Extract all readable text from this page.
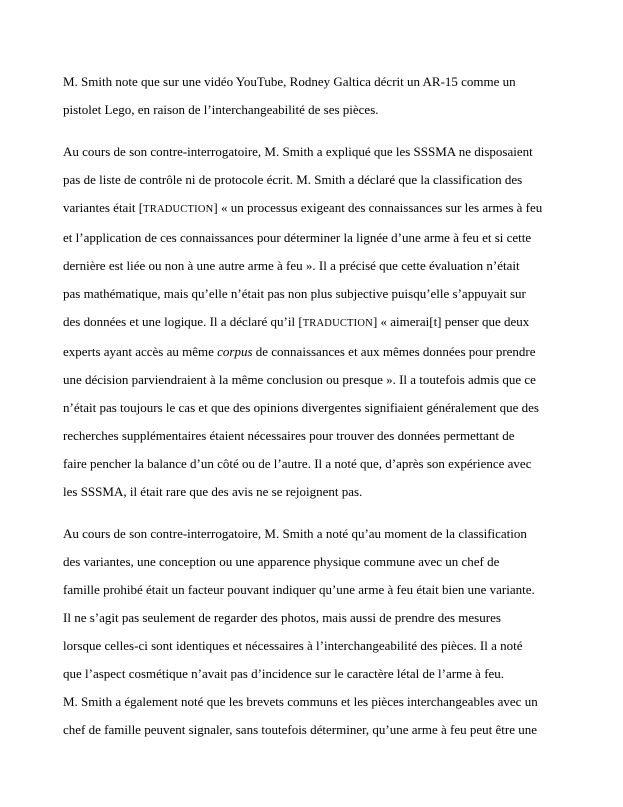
M. Smith note que sur une vidéo YouTube, Rodney Galtica décrit un AR-15 comme un
pistolet Lego, en raison de l’interchangeabilité de ses pièces.
Au cours de son contre-interrogatoire, M. Smith a expliqué que les SSSMA ne disposaient
pas de liste de contrôle ni de protocole écrit. M. Smith a déclaré que la classification des
variantes était [TRADUCTION] « un processus exigeant des connaissances sur les armes à feu
et l’application de ces connaissances pour déterminer la lignée d’une arme à feu et si cette
dernière est liée ou non à une autre arme à feu ». Il a précisé que cette évaluation n’était
pas mathématique, mais qu’elle n’était pas non plus subjective puisqu’elle s’appuyait sur
des données et une logique. Il a déclaré qu’il [TRADUCTION] « aimerai[t] penser que deux
experts ayant accès au même corpus de connaissances et aux mêmes données pour prendre
une décision parviendraient à la même conclusion ou presque ». Il a toutefois admis que ce
n’était pas toujours le cas et que des opinions divergentes signifiaient généralement que des
recherches supplémentaires étaient nécessaires pour trouver des données permettant de
faire pencher la balance d’un côté ou de l’autre. Il a noté que, d’après son expérience avec
les SSSMA, il était rare que des avis ne se rejoignent pas.
Au cours de son contre-interrogatoire, M. Smith a noté qu’au moment de la classification
des variantes, une conception ou une apparence physique commune avec un chef de
famille prohibé était un facteur pouvant indiquer qu’une arme à feu était bien une variante.
Il ne s’agit pas seulement de regarder des photos, mais aussi de prendre des mesures
lorsque celles-ci sont identiques et nécessaires à l’interchangeabilité des pièces. Il a noté
que l’aspect cosmétique n’avait pas d’incidence sur le caractère létal de l’arme à feu.
M. Smith a également noté que les brevets communs et les pièces interchangeables avec un
chef de famille peuvent signaler, sans toutefois déterminer, qu’une arme à feu peut être une
